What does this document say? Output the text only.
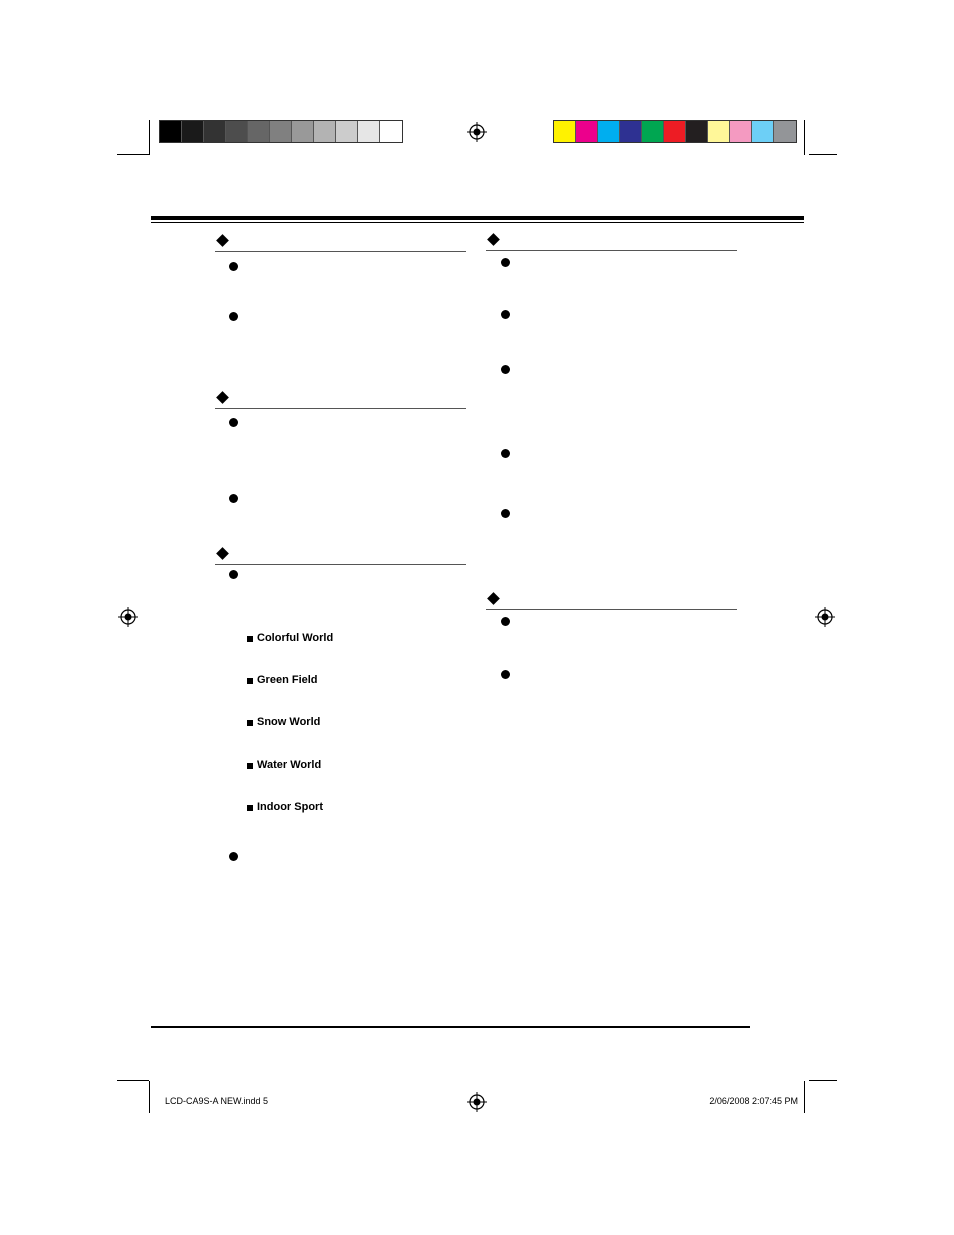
Colorful World
Green Field
Snow World
Water World
Indoor Sport
LCD-CA9S-A NEW.indd 5	2/06/2008 2:07:45 PM
